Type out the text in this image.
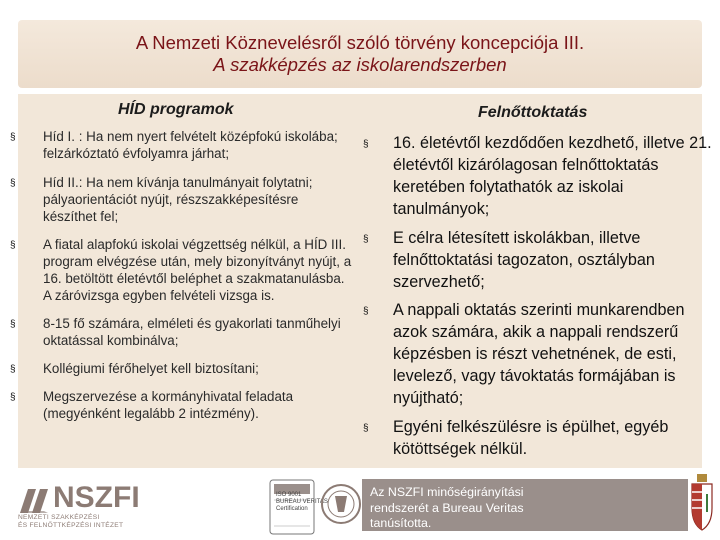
A Nemzeti Köznevelésről szóló törvény koncepciója III.
A szakképzés az iskolarendszerben
HÍD programok	Felnőttoktatás
§ Híd I. : Ha nem nyert felvételt középfokú iskolába; felzárkóztató évfolyamra járhat;
§ Híd II.: Ha nem kívánja tanulmányait folytatni; pályaorientációt nyújt, részszakképesítésre készíthet fel;
§ A fiatal alapfokú iskolai végzettség nélkül, a HÍD III. program elvégzése után, mely bizonyítványt nyújt, a 16. betöltött életévtől beléphet a szakmatanulásba. A záróvizsga egyben felvételi vizsga is.
§ 8-15 fő számára, elméleti és gyakorlati tanműhelyi oktatással kombinálva;
§ Kollégiumi férőhelyet kell biztosítani;
§ Megszervezése a kormányhivatal feladata (megyénként legalább 2 intézmény).
§ 16. életévtől kezdődően kezdhető, illetve 21. életévtől kizárólagosan felnőttoktatás keretében folytathatók az iskolai tanulmányok;
§ E célra létesített iskolákban, illetve felnőttoktatási tagozaton, osztályban szervezhető;
§ A nappali oktatás szerinti munkarendben azok számára, akik a nappali rendszerű képzésben is részt vehetnének, de esti, levelező, vagy távoktatás formájában is nyújtható;
§ Egyéni felkészülésre is épülhet, egyéb kötöttségek nélkül.
NSZFI
NEMZETI SZAKKÉPZÉSI
ÉS FELNŐTTKÉPZÉSI INTÉZET
ISO 9001
BUREAU VERITAS
Certification
Az NSZFI minőségirányítási
rendszerét a Bureau Veritas
tanúsította.
